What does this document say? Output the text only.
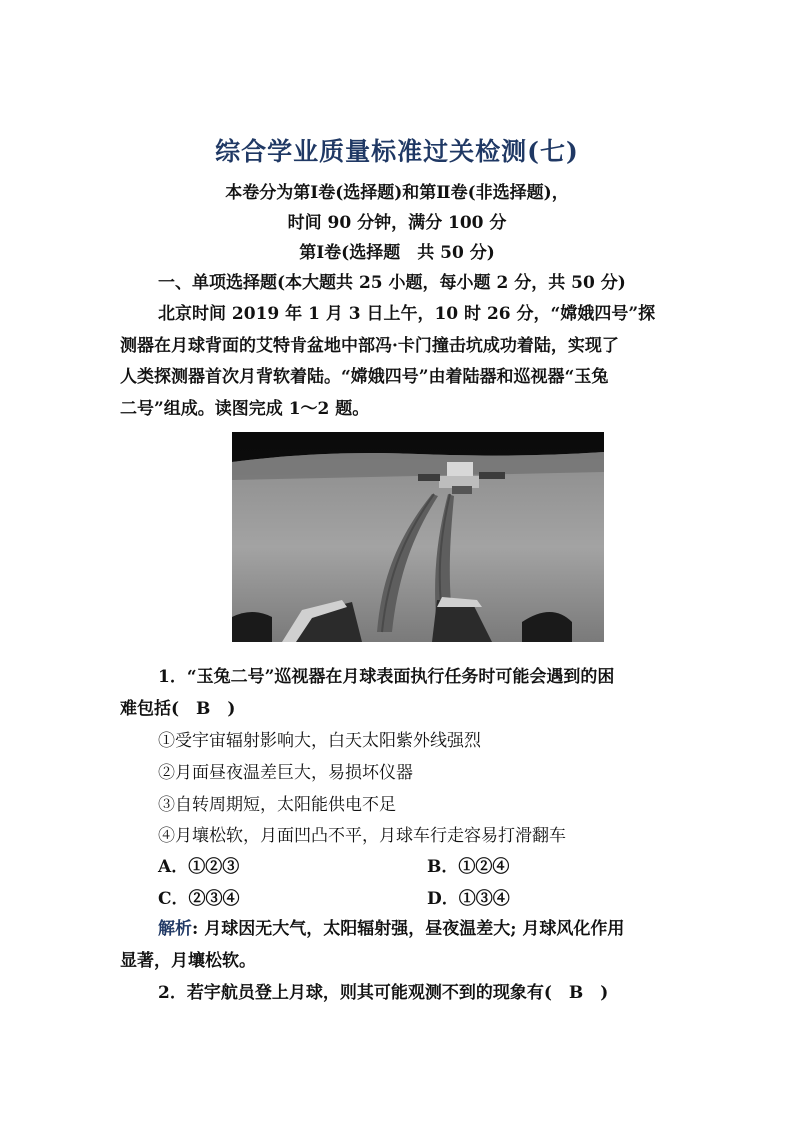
综合学业质量标准过关检测(七)
本卷分为第Ⅰ卷(选择题)和第Ⅱ卷(非选择题)，
时间 90 分钟，满分 100 分
第Ⅰ卷(选择题　共 50 分)
一、单项选择题(本大题共 25 小题，每小题 2 分，共 50 分)
北京时间 2019 年 1 月 3 日上午，10 时 26 分，“嫦娥四号”探
测器在月球背面的艾特肯盆地中部冯·卡门撞击坑成功着陆，实现了
人类探测器首次月背软着陆。“嫦娥四号”由着陆器和巡视器“玉兔
二号”组成。读图完成 1～2 题。
1．“玉兔二号”巡视器在月球表面执行任务时可能会遇到的困
难包括(　B　)
①受宇宙辐射影响大，白天太阳紫外线强烈
②月面昼夜温差巨大，易损坏仪器
③自转周期短，太阳能供电不足
④月壤松软，月面凹凸不平，月球车行走容易打滑翻车
A．①②③	B．①②④
C．②③④	D．①③④
解析: 月球因无大气，太阳辐射强，昼夜温差大; 月球风化作用
显著，月壤松软。
2．若宇航员登上月球，则其可能观测不到的现象有(　B　)
